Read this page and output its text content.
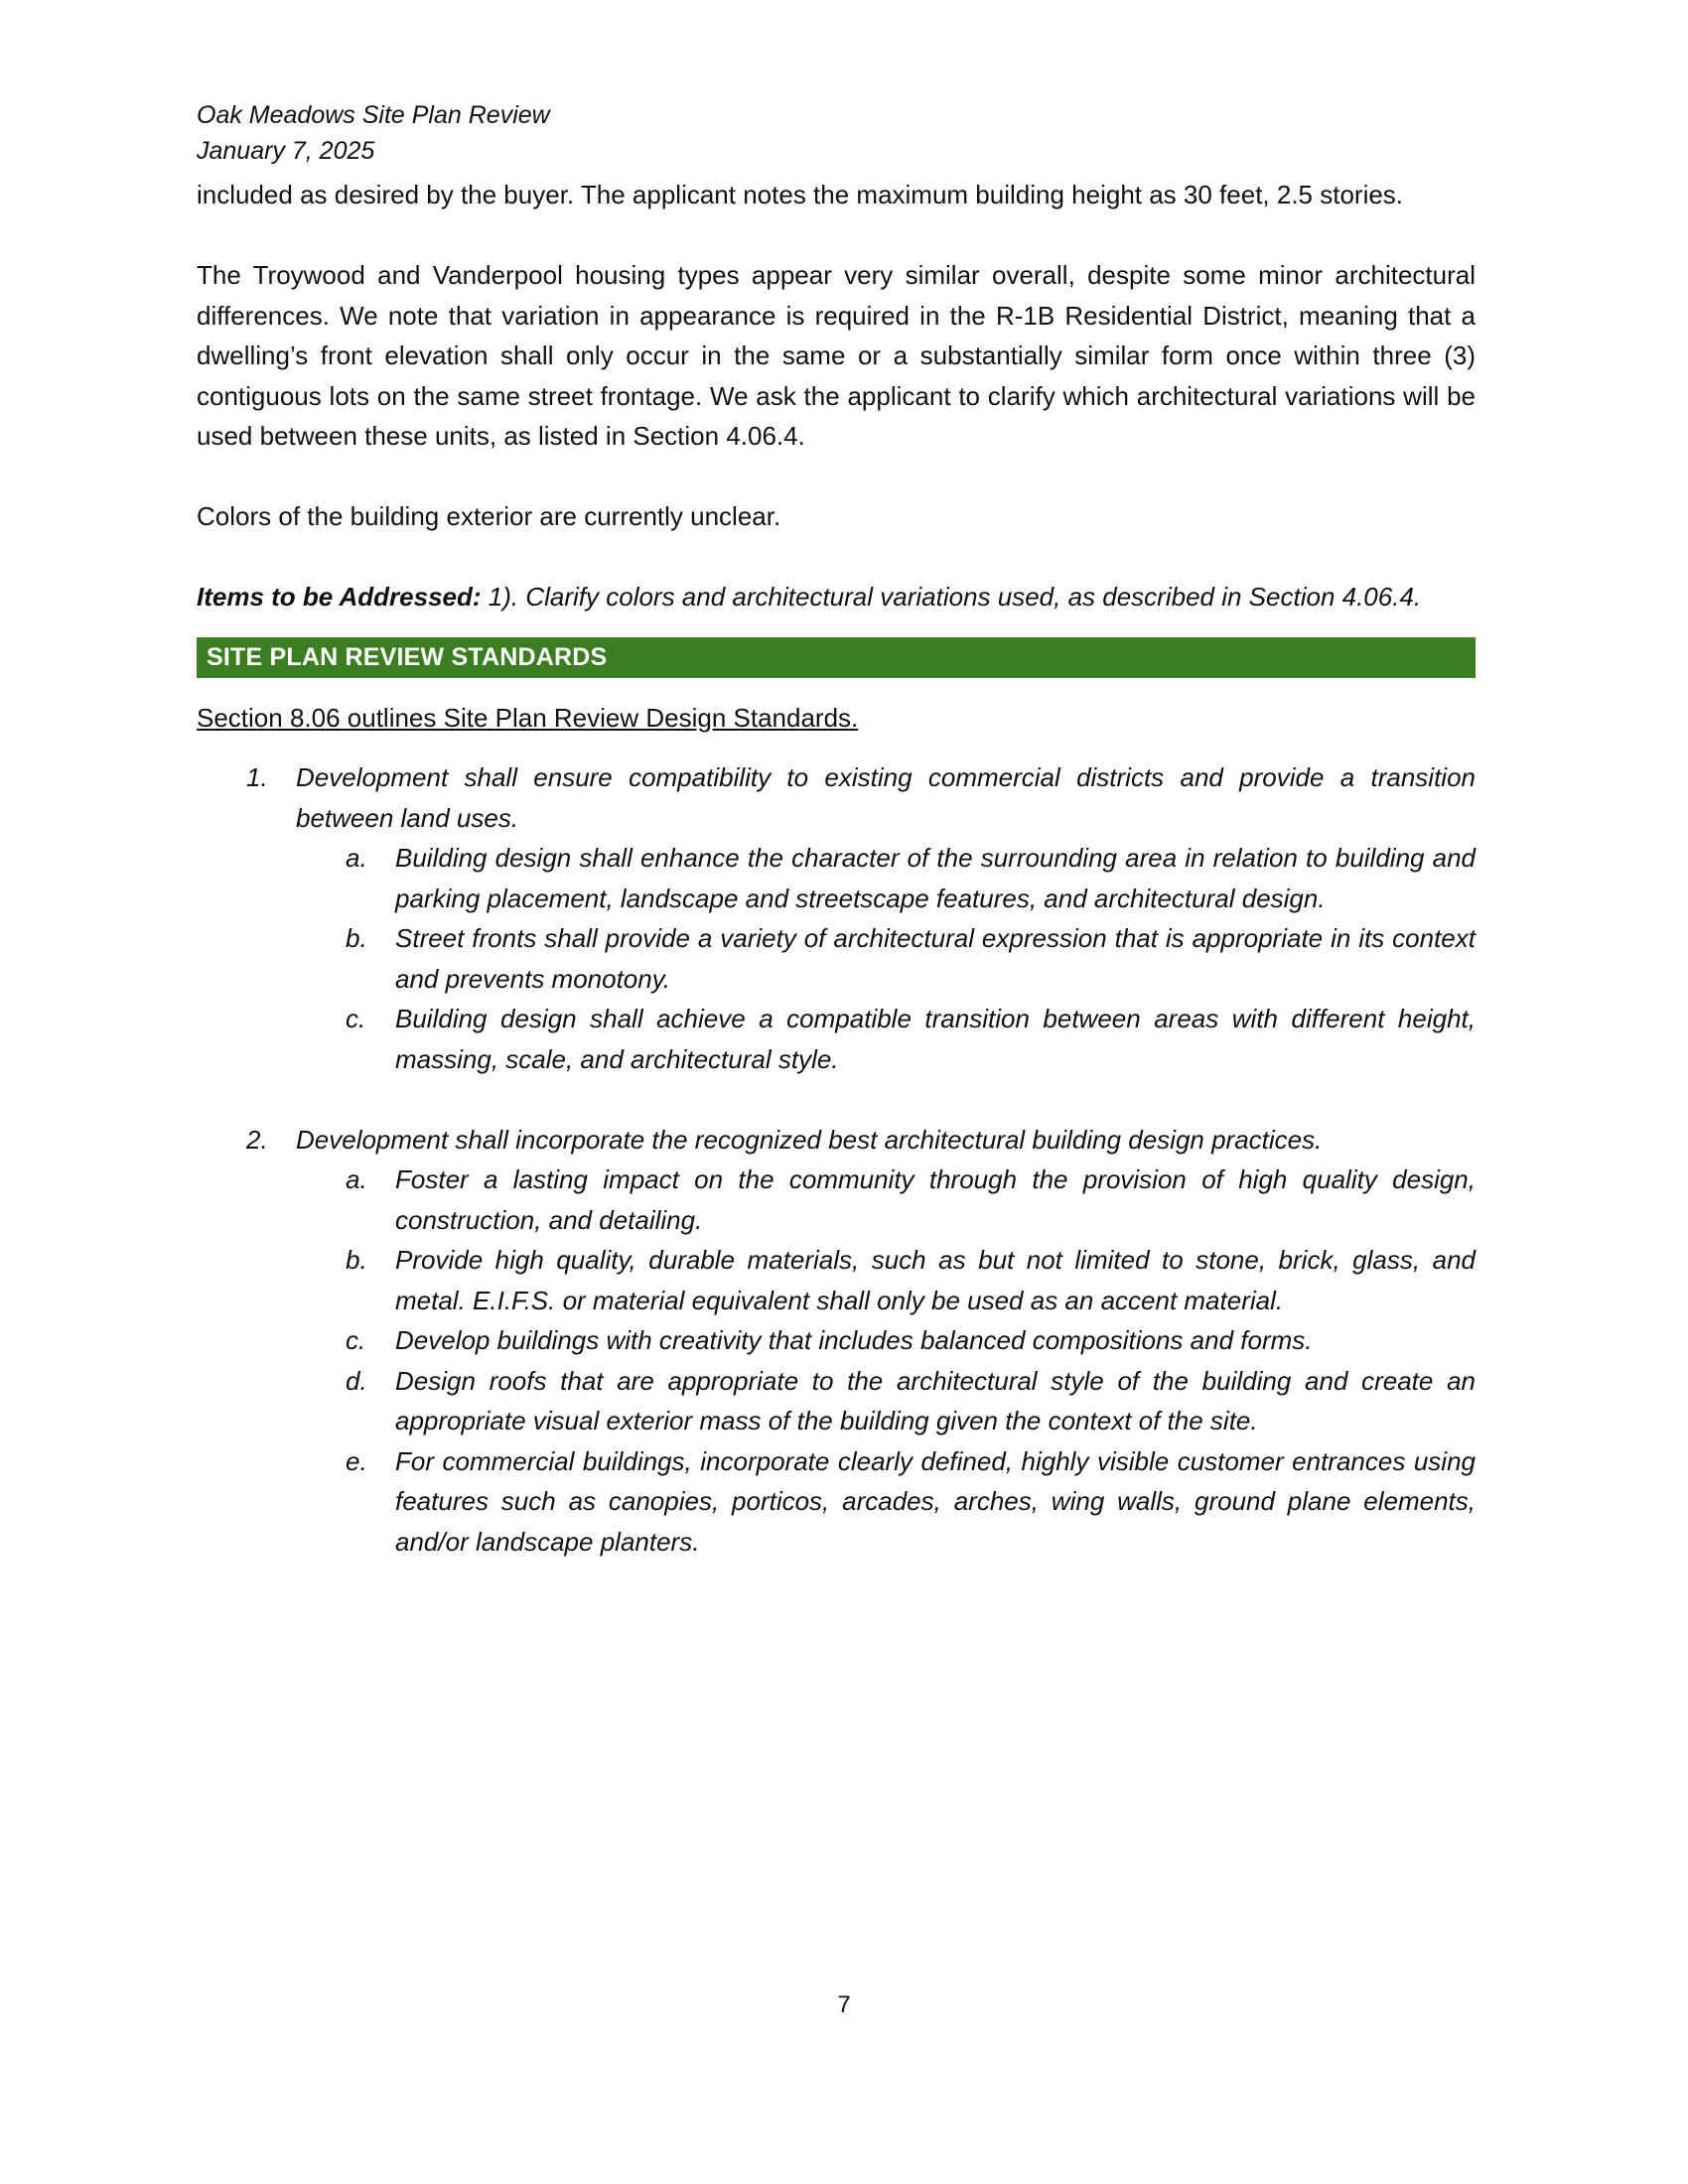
Oak Meadows Site Plan Review
January 7, 2025

included as desired by the buyer. The applicant notes the maximum building height as 30 feet, 2.5 stories.

The Troywood and Vanderpool housing types appear very similar overall, despite some minor architectural differences. We note that variation in appearance is required in the R-1B Residential District, meaning that a dwelling’s front elevation shall only occur in the same or a substantially similar form once within three (3) contiguous lots on the same street frontage. We ask the applicant to clarify which architectural variations will be used between these units, as listed in Section 4.06.4.

Colors of the building exterior are currently unclear.

Items to be Addressed: 1). Clarify colors and architectural variations used, as described in Section 4.06.4.

SITE PLAN REVIEW STANDARDS
Section 8.06 outlines Site Plan Review Design Standards.
1. Development shall ensure compatibility to existing commercial districts and provide a transition between land uses.
a. Building design shall enhance the character of the surrounding area in relation to building and parking placement, landscape and streetscape features, and architectural design.
b. Street fronts shall provide a variety of architectural expression that is appropriate in its context and prevents monotony.
c. Building design shall achieve a compatible transition between areas with different height, massing, scale, and architectural style.
2. Development shall incorporate the recognized best architectural building design practices.
a. Foster a lasting impact on the community through the provision of high quality design, construction, and detailing.
b. Provide high quality, durable materials, such as but not limited to stone, brick, glass, and metal. E.I.F.S. or material equivalent shall only be used as an accent material.
c. Develop buildings with creativity that includes balanced compositions and forms.
d. Design roofs that are appropriate to the architectural style of the building and create an appropriate visual exterior mass of the building given the context of the site.
e. For commercial buildings, incorporate clearly defined, highly visible customer entrances using features such as canopies, porticos, arcades, arches, wing walls, ground plane elements, and/or landscape planters.
7
